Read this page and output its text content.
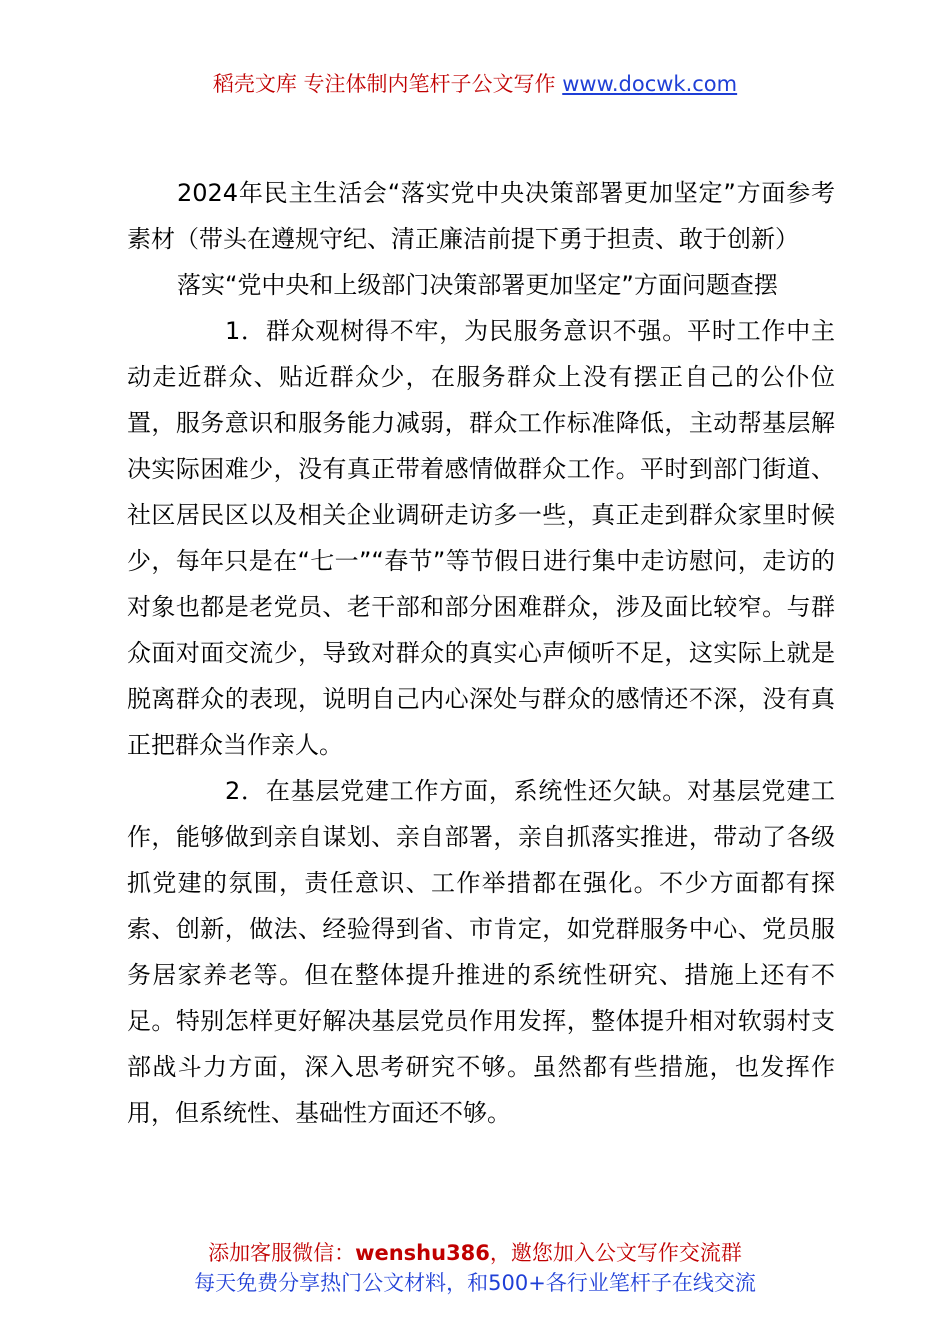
稻壳文库 专注体制内笔杆子公文写作 www.docwk.com

2024年民主生活会“落实党中央决策部署更加坚定”方面参考素材（带头在遵规守纪、清正廉洁前提下勇于担责、敢于创新）

落实“党中央和上级部门决策部署更加坚定”方面问题查摆

1．群众观树得不牢，为民服务意识不强。平时工作中主动走近群众、贴近群众少，在服务群众上没有摆正自己的公仆位置，服务意识和服务能力减弱，群众工作标准降低，主动帮基层解决实际困难少，没有真正带着感情做群众工作。平时到部门街道、社区居民区以及相关企业调研走访多一些，真正走到群众家里时候少，每年只是在“七一”“春节”等节假日进行集中走访慰问，走访的对象也都是老党员、老干部和部分困难群众，涉及面比较窄。与群众面对面交流少，导致对群众的真实心声倾听不足，这实际上就是脱离群众的表现，说明自己内心深处与群众的感情还不深，没有真正把群众当作亲人。

2．在基层党建工作方面，系统性还欠缺。对基层党建工作，能够做到亲自谋划、亲自部署，亲自抓落实推进，带动了各级抓党建的氛围，责任意识、工作举措都在强化。不少方面都有探索、创新，做法、经验得到省、市肯定，如党群服务中心、党员服务居家养老等。但在整体提升推进的系统性研究、措施上还有不足。特别怎样更好解决基层党员作用发挥，整体提升相对软弱村支部战斗力方面，深入思考研究不够。虽然都有些措施，也发挥作用，但系统性、基础性方面还不够。

添加客服微信：wenshu386，邀您加入公文写作交流群
每天免费分享热门公文材料，和500+各行业笔杆子在线交流
